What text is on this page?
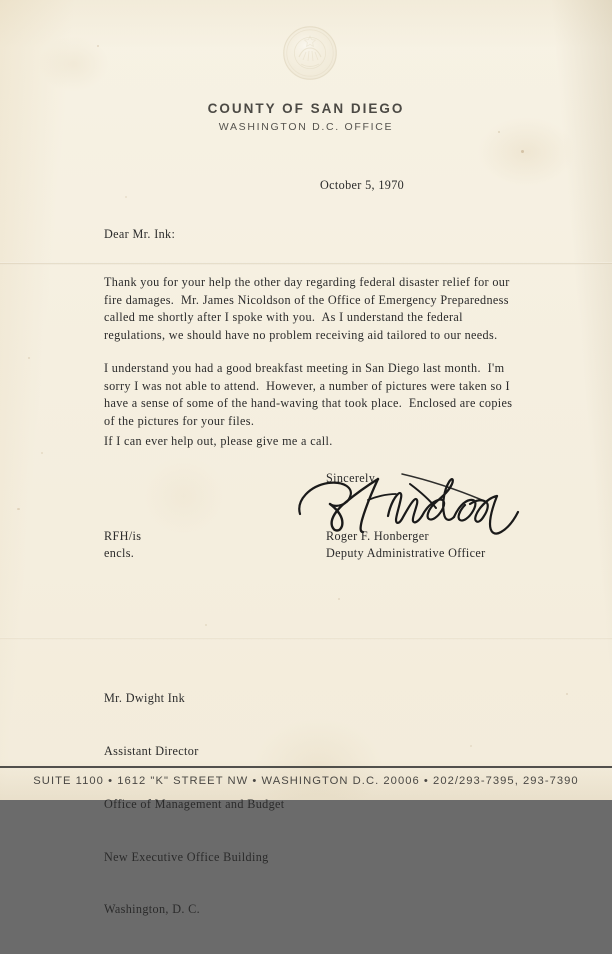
COUNTY OF SAN DIEGO
WASHINGTON D.C. OFFICE
October 5, 1970
Dear Mr. Ink:
Thank you for your help the other day regarding federal disaster relief for our fire damages.  Mr. James Nicoldson of the Office of Emergency Preparedness called me shortly after I spoke with you.  As I understand the federal regulations, we should have no problem receiving aid tailored to our needs.
I understand you had a good breakfast meeting in San Diego last month.  I'm sorry I was not able to attend.  However, a number of pictures were taken so I have a sense of some of the hand-waving that took place.  Enclosed are copies of the pictures for your files.
If I can ever help out, please give me a call.
Sincerely,
Roger F. Honberger
Deputy Administrative Officer
RFH/is
encls.

Mr. Dwight Ink

Assistant Director

Office of Management and Budget

New Executive Office Building

Washington, D. C.

SUITE 1100 • 1612 "K" STREET NW • WASHINGTON D.C. 20006 • 202/293-7395, 293-7390
